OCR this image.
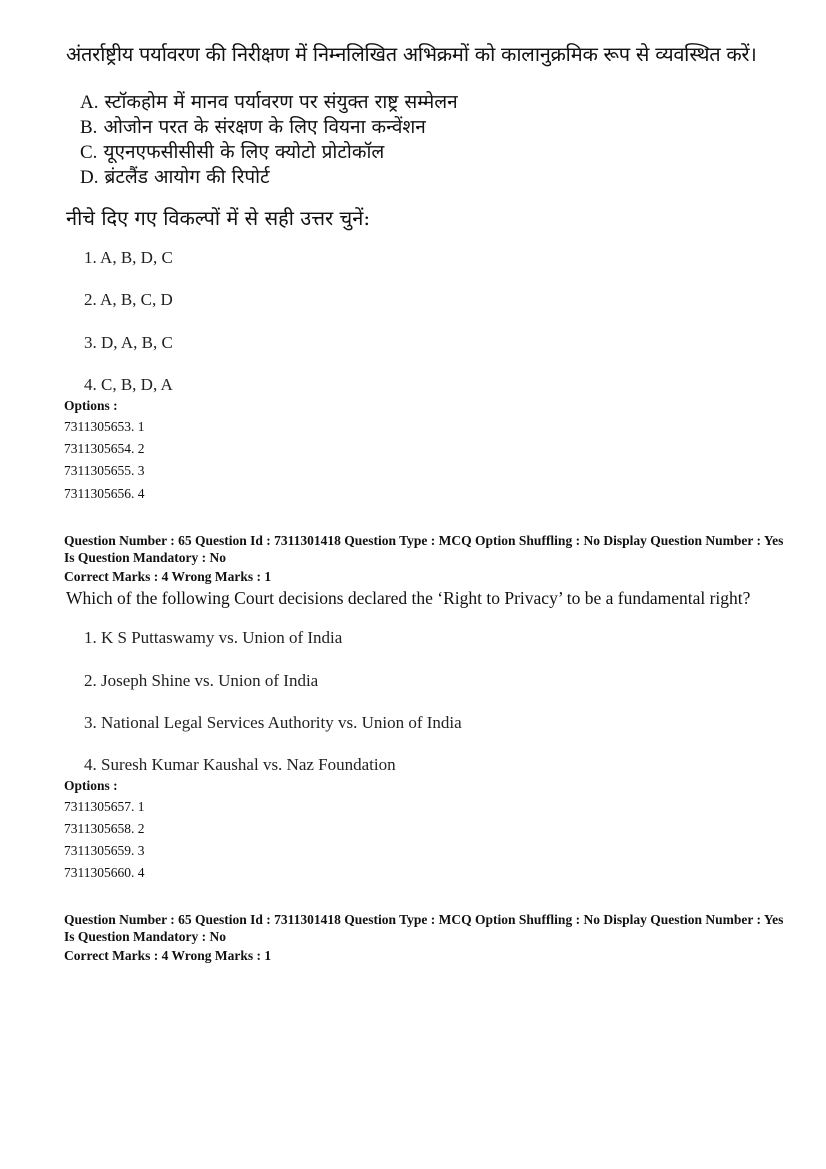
अंतर्राष्ट्रीय पर्यावरण की निरीक्षण में निम्नलिखित अभिक्रमों को कालानुक्रमिक रूप से व्यवस्थित करें।
A. स्टॉकहोम में मानव पर्यावरण पर संयुक्त राष्ट्र सम्मेलन
B. ओजोन परत के संरक्षण के लिए वियना कन्वेंशन
C. यूएनएफसीसीसी के लिए क्योटो प्रोटोकॉल
D. ब्रंटलैंड आयोग की रिपोर्ट
नीचे दिए गए विकल्पों में से सही उत्तर चुनें:
1. A, B, D, C
2. A, B, C, D
3. D, A, B, C
4. C, B, D, A
Options :
7311305653. 1
7311305654. 2
7311305655. 3
7311305656. 4
Question Number : 65 Question Id : 7311301418 Question Type : MCQ Option Shuffling : No Display Question Number : Yes Is Question Mandatory : No
Correct Marks : 4 Wrong Marks : 1
Which of the following Court decisions declared the ‘Right to Privacy’ to be a fundamental right?
1. K S Puttaswamy vs. Union of India
2. Joseph Shine vs. Union of India
3. National Legal Services Authority vs. Union of India
4. Suresh Kumar Kaushal vs. Naz Foundation
Options :
7311305657. 1
7311305658. 2
7311305659. 3
7311305660. 4
Question Number : 65 Question Id : 7311301418 Question Type : MCQ Option Shuffling : No Display Question Number : Yes Is Question Mandatory : No
Correct Marks : 4 Wrong Marks : 1
